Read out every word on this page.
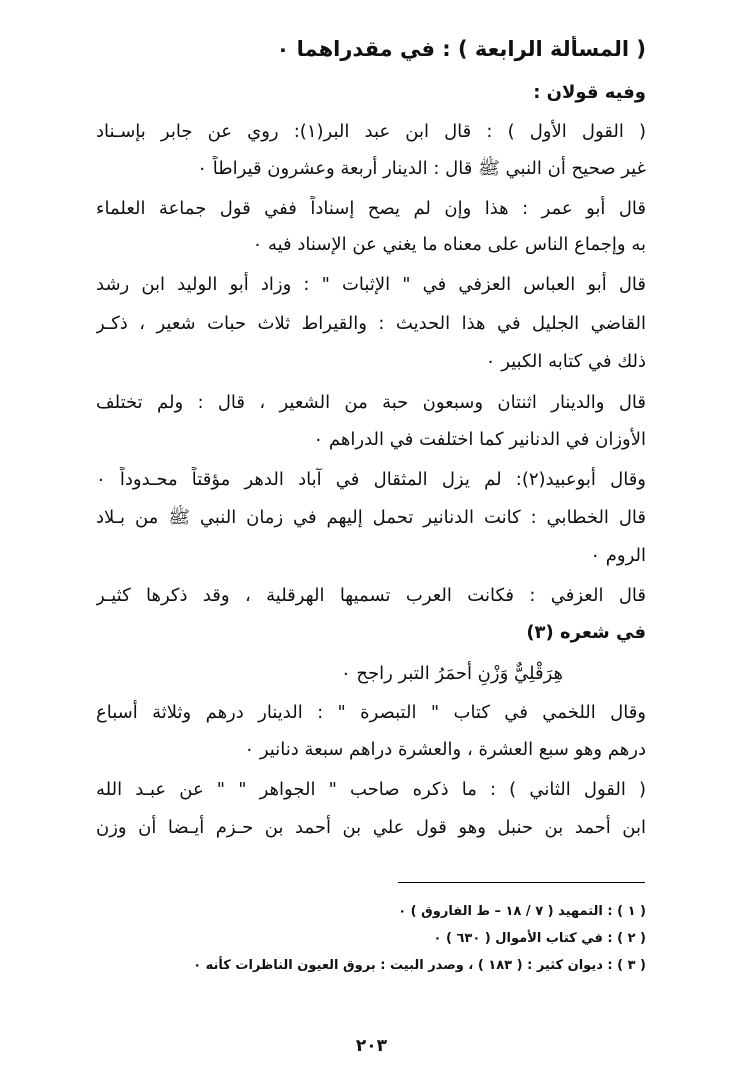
( المسألة الرابعة ) : في مقدراهما ٠
وفيه قولان :
( القول الأول ) : قال ابن عبد البر(١): روي عن جابر بإسـناد
غير صحيح أن النبي ﷺ قال : الدينار أربعة وعشرون قيراطاً ٠
قال أبو عمر : هذا وإن لم يصح إسناداً ففي قول جماعة العلماء
به وإجماع الناس على معناه ما يغني عن الإسناد فيه ٠
قال أبو العباس العزفي في " الإثبات " : وزاد أبو الوليد ابن رشد
القاضي الجليل في هذا الحديث : والقيراط ثلاث حبات شعير ، ذكـر
ذلك في كتابه الكبير ٠
قال والدينار اثنتان وسبعون حبة من الشعير ، قال : ولم تختلف
الأوزان في الدنانير كما اختلفت في الدراهم ٠
وقال أبوعبيد(٢): لم يزل المثقال في آباد الدهر مؤقتاً محـدوداً ٠
قال الخطابي : كانت الدنانير تحمل إليهم في زمان النبي ﷺ من بـلاد
الروم ٠
قال العزفي : فكانت العرب تسميها الهرقلية ، وقد ذكرها كثيـر
في شعره (٣)
هِرَقْلِيٌّ وَزْنِ أحمَرُ التبر راجح ٠
وقال اللخمي في كتاب " التبصرة " : الدينار درهم وثلاثة أسباع
درهم وهو سبع العشرة ، والعشرة دراهم سبعة دنانير ٠
( القول الثاني ) : ما ذكره صاحب " الجواهر " " عن عبـد الله
ابن أحمد بن حنبل وهو قول علي بن أحمد بن حـزم أيـضا أن وزن
( ١ ) : التمهيد ( ٧ / ١٨ – ط الفاروق ) ٠
( ٢ ) : في كتاب الأموال ( ٦٣٠ ) ٠
( ٣ ) : ديوان كثير : ( ١٨٣ ) ، وصدر البيت : بروق العيون الناظرات كأنه ٠
٢٠٣
